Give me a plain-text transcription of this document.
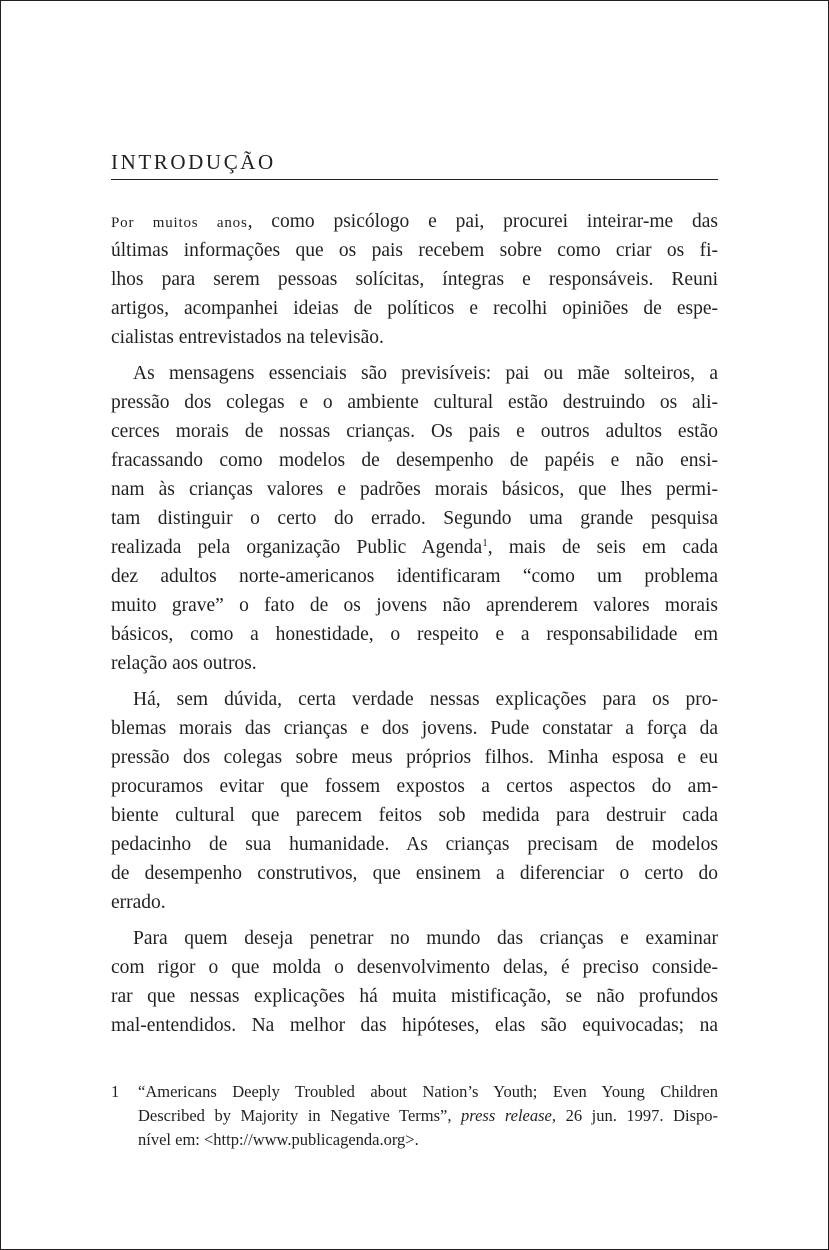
INTRODUÇÃO
Por muitos anos, como psicólogo e pai, procurei inteirar-me das
últimas informações que os pais recebem sobre como criar os fi-
lhos para serem pessoas solícitas, íntegras e responsáveis. Reuni
artigos, acompanhei ideias de políticos e recolhi opiniões de espe-
cialistas entrevistados na televisão.
As mensagens essenciais são previsíveis: pai ou mãe solteiros, a
pressão dos colegas e o ambiente cultural estão destruindo os ali-
cerces morais de nossas crianças. Os pais e outros adultos estão
fracassando como modelos de desempenho de papéis e não ensi-
nam às crianças valores e padrões morais básicos, que lhes permi-
tam distinguir o certo do errado. Segundo uma grande pesquisa
realizada pela organização Public Agenda$^1$, mais de seis em cada
dez adultos norte-americanos identificaram “como um problema
muito grave” o fato de os jovens não aprenderem valores morais
básicos, como a honestidade, o respeito e a responsabilidade em
relação aos outros.
Há, sem dúvida, certa verdade nessas explicações para os pro-
blemas morais das crianças e dos jovens. Pude constatar a força da
pressão dos colegas sobre meus próprios filhos. Minha esposa e eu
procuramos evitar que fossem expostos a certos aspectos do am-
biente cultural que parecem feitos sob medida para destruir cada
pedacinho de sua humanidade. As crianças precisam de modelos
de desempenho construtivos, que ensinem a diferenciar o certo do
errado.
Para quem deseja penetrar no mundo das crianças e examinar
com rigor o que molda o desenvolvimento delas, é preciso conside-
rar que nessas explicações há muita mistificação, se não profundos
mal-entendidos. Na melhor das hipóteses, elas são equivocadas; na
1	“Americans Deeply Troubled about Nation’s Youth; Even Young Children
Described by Majority in Negative Terms”, press release, 26 jun. 1997. Dispo-
nível em: <http://www.publicagenda.org>.
